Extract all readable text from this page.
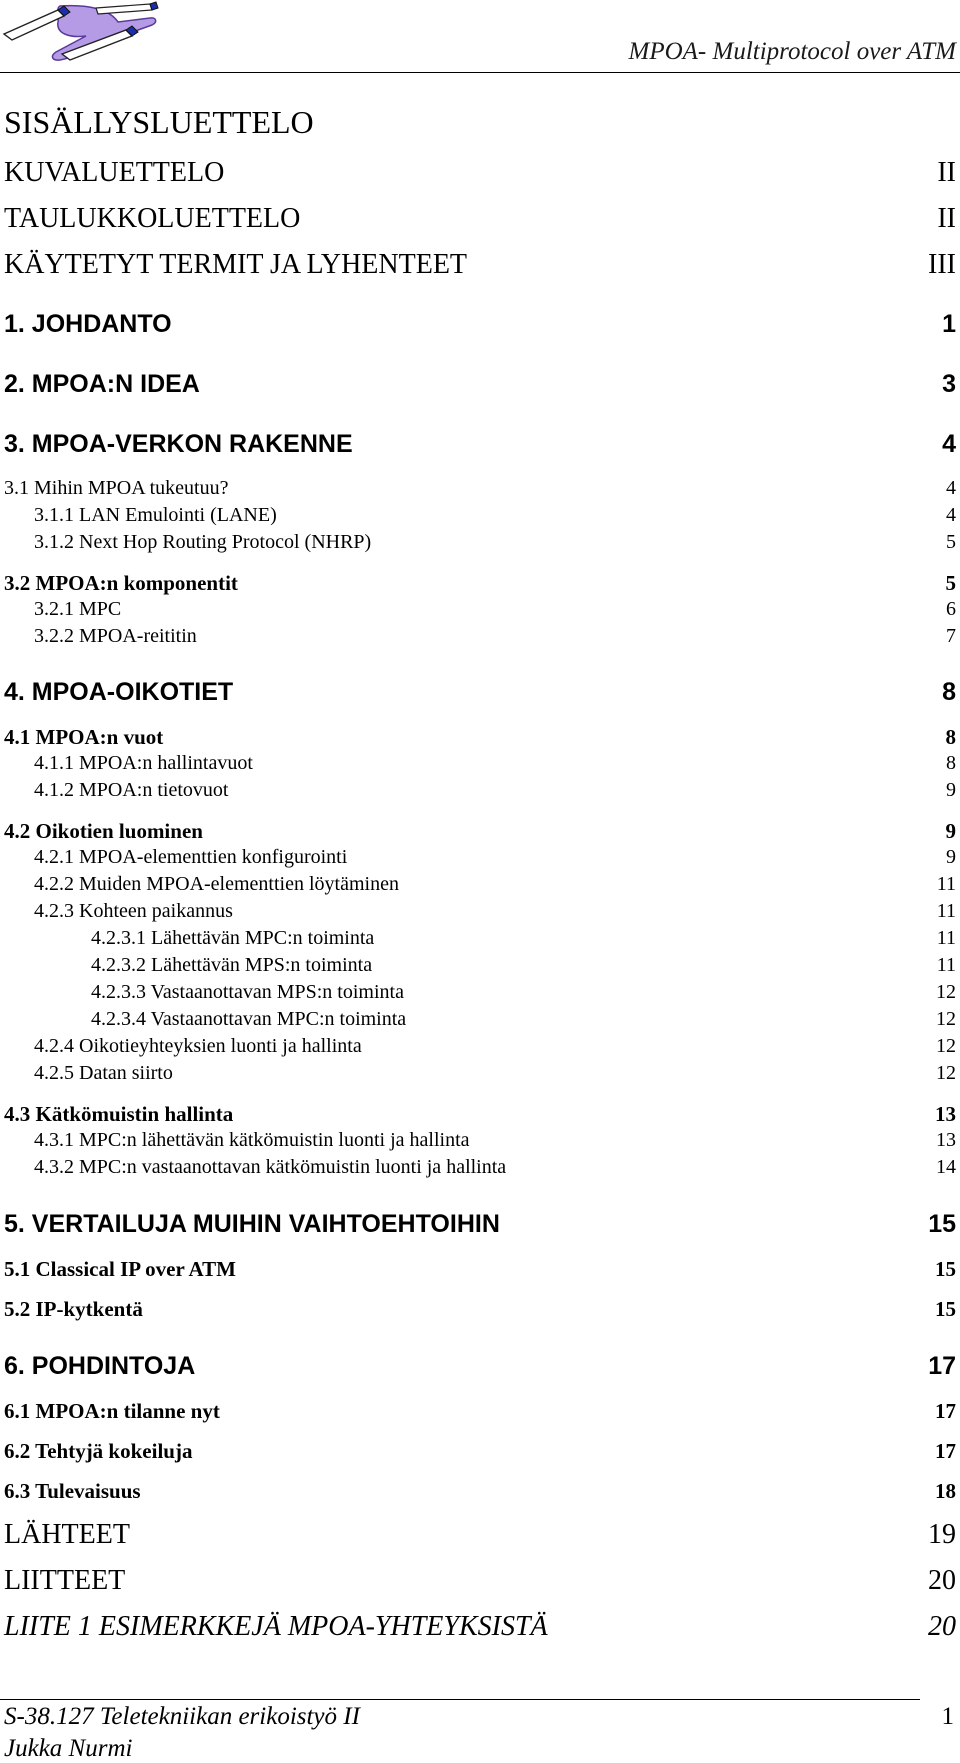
MPOA- Multiprotocol over ATM
SISÄLLYSLUETTELO
KUVALUETTELO	II
TAULUKKOLUETTELO	II
KÄYTETYT TERMIT JA LYHENTEET	III
1. JOHDANTO	1
2. MPOA:N IDEA	3
3. MPOA-VERKON RAKENNE	4
3.1 Mihin MPOA tukeutuu?	4
3.1.1 LAN Emulointi (LANE)	4
3.1.2 Next Hop Routing Protocol (NHRP)	5
3.2 MPOA:n komponentit	5
3.2.1 MPC	6
3.2.2 MPOA-reititin	7
4. MPOA-OIKOTIET	8
4.1 MPOA:n vuot	8
4.1.1 MPOA:n hallintavuot	8
4.1.2 MPOA:n tietovuot	9
4.2 Oikotien luominen	9
4.2.1 MPOA-elementtien konfigurointi	9
4.2.2 Muiden MPOA-elementtien löytäminen	11
4.2.3 Kohteen paikannus	11
4.2.3.1 Lähettävän MPC:n toiminta	11
4.2.3.2 Lähettävän MPS:n toiminta	11
4.2.3.3 Vastaanottavan MPS:n toiminta	12
4.2.3.4 Vastaanottavan MPC:n toiminta	12
4.2.4 Oikotieyhteyksien luonti ja hallinta	12
4.2.5 Datan siirto	12
4.3 Kätkömuistin hallinta	13
4.3.1 MPC:n lähettävän kätkömuistin luonti ja hallinta	13
4.3.2 MPC:n vastaanottavan kätkömuistin luonti ja hallinta	14
5. VERTAILUJA MUIHIN VAIHTOEHTOIHIN	15
5.1 Classical IP over ATM	15
5.2 IP-kytkentä	15
6. POHDINTOJA	17
6.1 MPOA:n tilanne nyt	17
6.2 Tehtyjä kokeiluja	17
6.3 Tulevaisuus	18
LÄHTEET	19
LIITTEET	20
LIITE 1 ESIMERKKEJÄ MPOA-YHTEYKSISTÄ	20
S-38.127 Teletekniikan erikoistyö II
Jukka Nurmi
1
